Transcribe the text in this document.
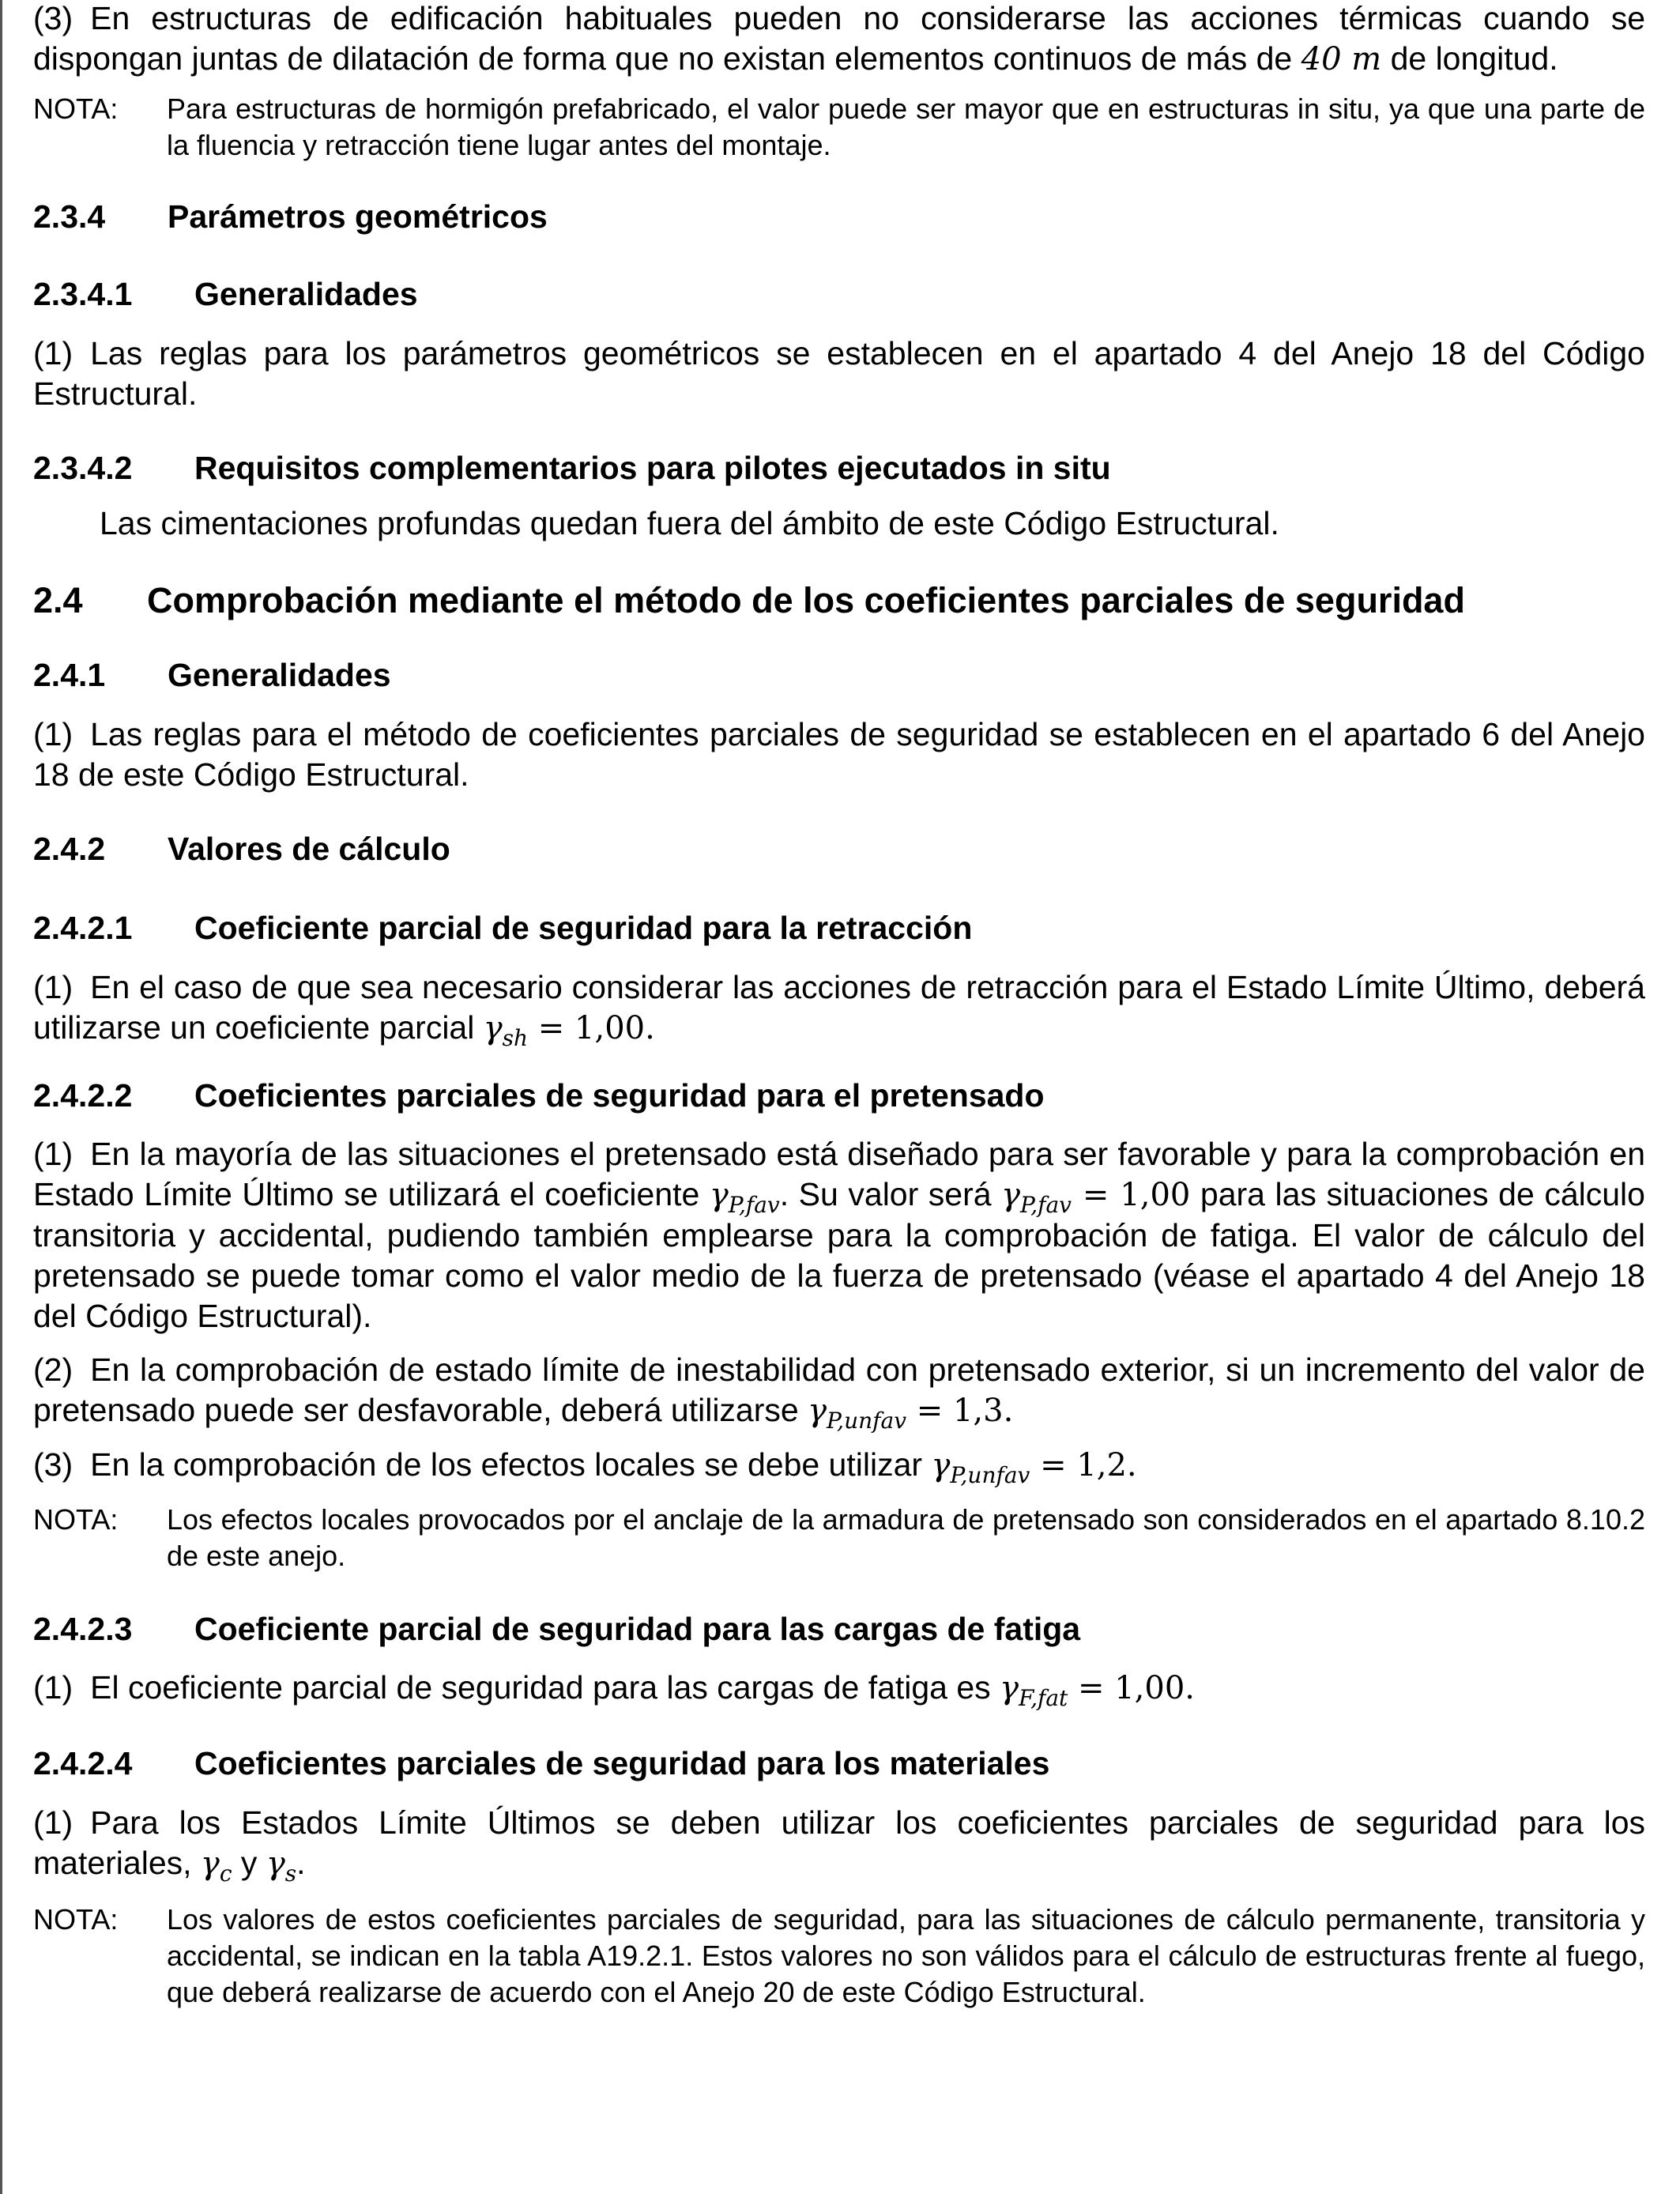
(3) En estructuras de edificación habituales pueden no considerarse las acciones térmicas cuando se dispongan juntas de dilatación de forma que no existan elementos continuos de más de 40 m de longitud.

NOTA:	Para estructuras de hormigón prefabricado, el valor puede ser mayor que en estructuras in situ, ya que una parte de la fluencia y retracción tiene lugar antes del montaje.
2.3.4	Parámetros geométricos
2.3.4.1	Generalidades

(1) Las reglas para los parámetros geométricos se establecen en el apartado 4 del Anejo 18 del Código Estructural.

2.3.4.2	Requisitos complementarios para pilotes ejecutados in situ

Las cimentaciones profundas quedan fuera del ámbito de este Código Estructural.

2.4	Comprobación mediante el método de los coeficientes parciales de seguridad
2.4.1	Generalidades

(1) Las reglas para el método de coeficientes parciales de seguridad se establecen en el apartado 6 del Anejo 18 de este Código Estructural.

2.4.2	Valores de cálculo
2.4.2.1	Coeficiente parcial de seguridad para la retracción

(1) En el caso de que sea necesario considerar las acciones de retracción para el Estado Límite Último, deberá utilizarse un coeficiente parcial $\gamma_{sh} = 1,00$.

2.4.2.2	Coeficientes parciales de seguridad para el pretensado

(1) En la mayoría de las situaciones el pretensado está diseñado para ser favorable y para la comprobación en Estado Límite Último se utilizará el coeficiente $\gamma_{P,fav}$. Su valor será $\gamma_{P,fav} = 1,00$ para las situaciones de cálculo transitoria y accidental, pudiendo también emplearse para la comprobación de fatiga. El valor de cálculo del pretensado se puede tomar como el valor medio de la fuerza de pretensado (véase el apartado 4 del Anejo 18 del Código Estructural).

(2) En la comprobación de estado límite de inestabilidad con pretensado exterior, si un incremento del valor de pretensado puede ser desfavorable, deberá utilizarse $\gamma_{P,unfav} = 1,3$.

(3) En la comprobación de los efectos locales se debe utilizar $\gamma_{P,unfav} = 1,2$.

NOTA:	Los efectos locales provocados por el anclaje de la armadura de pretensado son considerados en el apartado 8.10.2 de este anejo.
2.4.2.3	Coeficiente parcial de seguridad para las cargas de fatiga

(1) El coeficiente parcial de seguridad para las cargas de fatiga es $\gamma_{F,fat} = 1,00$.

2.4.2.4	Coeficientes parciales de seguridad para los materiales

(1) Para los Estados Límite Últimos se deben utilizar los coeficientes parciales de seguridad para los materiales, $\gamma_c$ y $\gamma_s$.

NOTA:	Los valores de estos coeficientes parciales de seguridad, para las situaciones de cálculo permanente, transitoria y accidental, se indican en la tabla A19.2.1. Estos valores no son válidos para el cálculo de estructuras frente al fuego, que deberá realizarse de acuerdo con el Anejo 20 de este Código Estructural.
